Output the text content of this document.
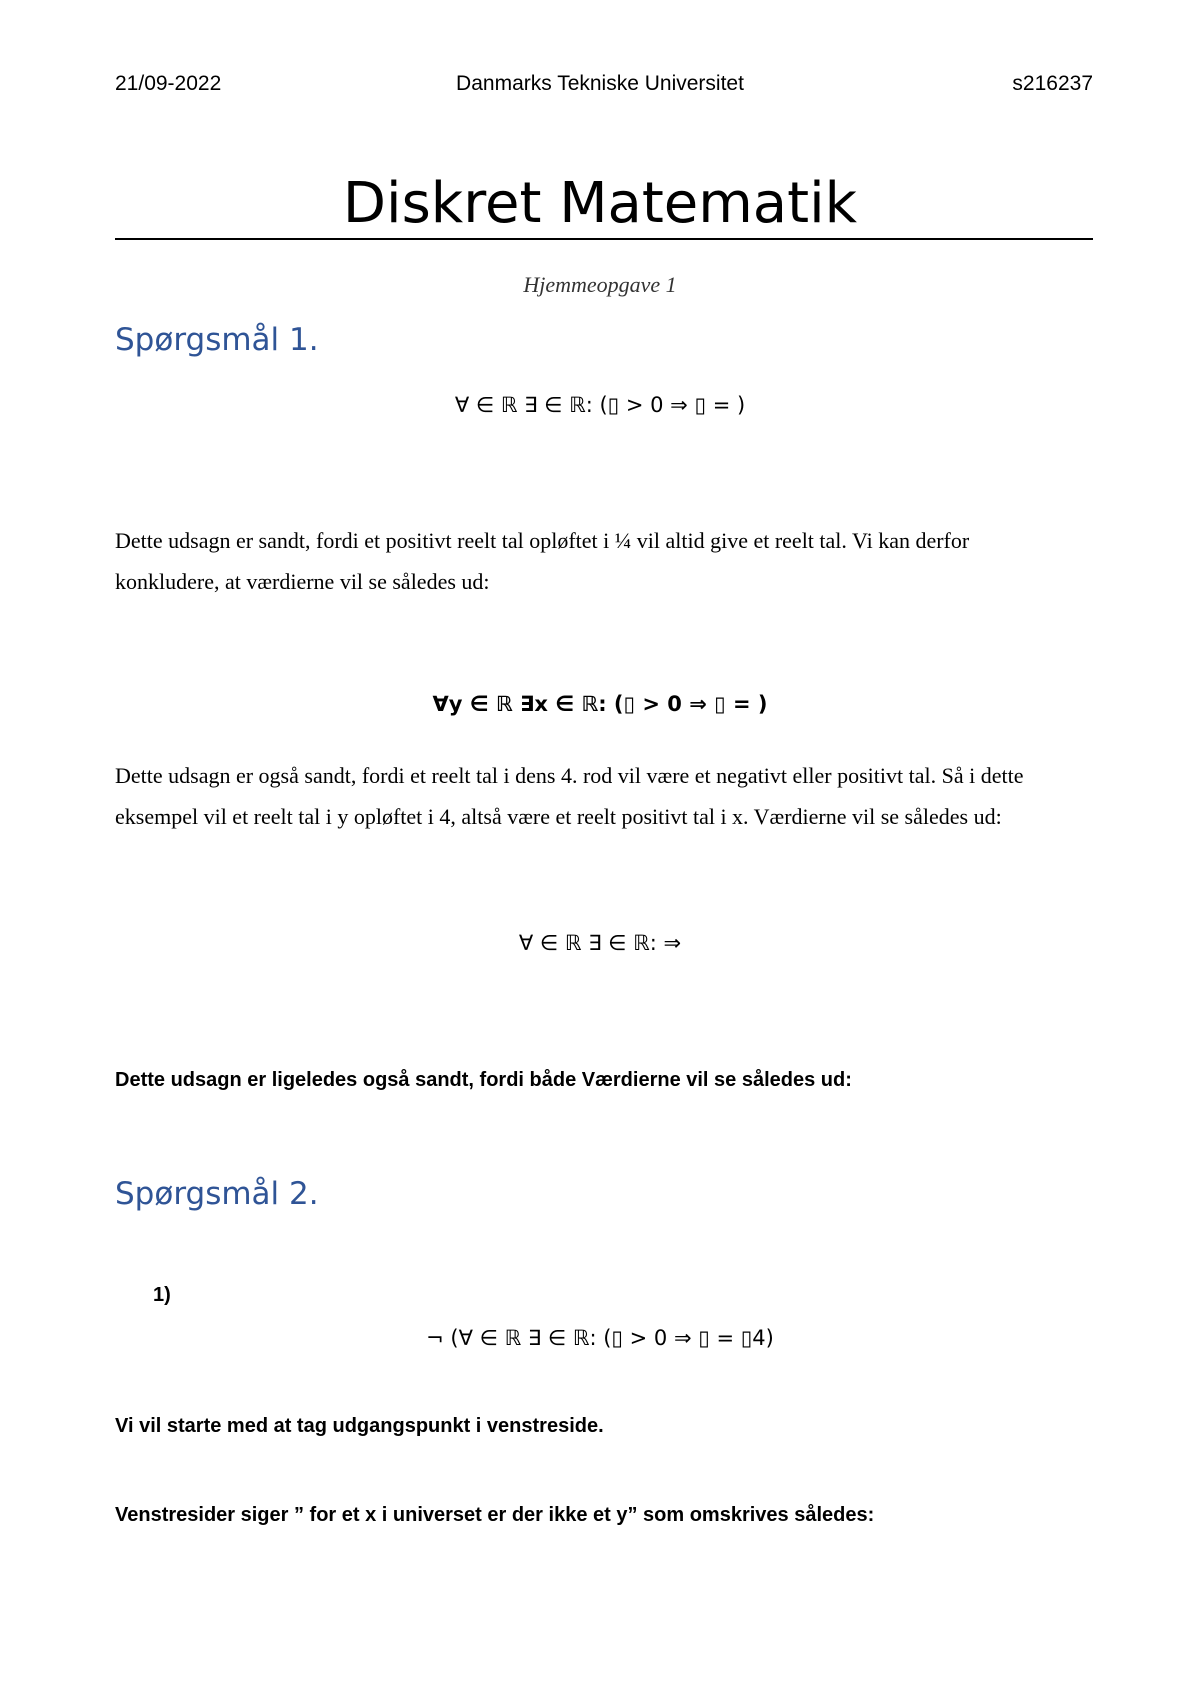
21/09-2022	Danmarks Tekniske Universitet	s216237
Diskret Matematik
Hjemmeopgave 1
Spørgsmål 1.
∀ ∈ ℝ ∃ ∈ ℝ: (▯ > 0 ⇒ ▯ = )
Dette udsagn er sandt, fordi et positivt reelt tal opløftet i ¼ vil altid give et reelt tal. Vi kan derfor konkludere, at værdierne vil se således ud:
∀y ∈ ℝ ∃x ∈ ℝ: (▯ > 0 ⇒ ▯ = )
Dette udsagn er også sandt, fordi et reelt tal i dens 4. rod vil være et negativt eller positivt tal. Så i dette eksempel vil et reelt tal i y opløftet i 4, altså være et reelt positivt tal i x. Værdierne vil se således ud:
∀ ∈ ℝ ∃ ∈ ℝ: ⇒
Dette udsagn er ligeledes også sandt, fordi både Værdierne vil se således ud:
Spørgsmål 2.
1)
¬ (∀ ∈ ℝ ∃ ∈ ℝ: (▯ > 0 ⇒ ▯ = ▯4)
Vi vil starte med at tag udgangspunkt i venstreside.
Venstresider siger ” for et x i universet er der ikke et y” som omskrives således:
